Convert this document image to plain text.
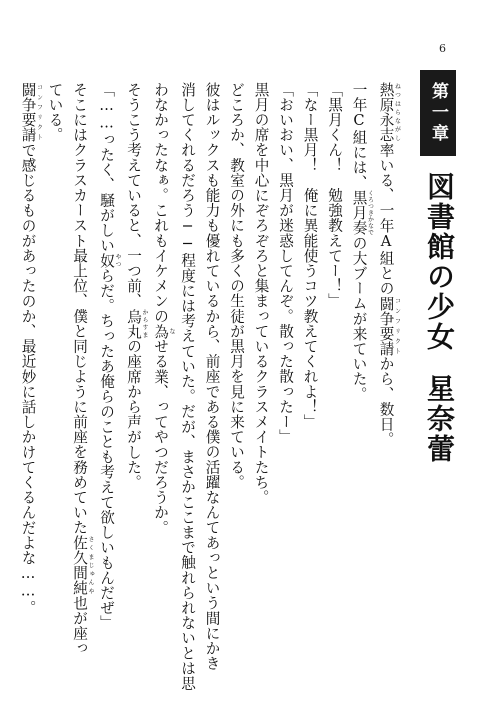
6
第一章
図書館の少女星奈蕾
熱原永志 ねつはらながし率いる、一年A組との闘争要請 コンフリクトから、数日。
一年C組には、黒月奏 くろつきかなでの大ブームが来ていた。
「黒月くん！　勉強教えてー！」
「なー黒月！　俺に異能使うコツ教えてくれよ！」
「おいおい、黒月が迷惑してんぞ。散った散ったー」
黒月の席を中心にぞろぞろと集まっているクラスメイトたち。
どころか、教室の外にも多くの生徒が黒月を見に来ている。
彼はルックスも能力も優れているから、前座である僕の活躍なんてあっという間にかき
消してくれるだろう──程度には考えていた。だが、まさかここまで触れられないとは思
わなかったなぁ。これもイケメンの為 なせる業、ってやつだろうか。
そうこう考えていると、一つ前、烏丸 からすまの座席から声がした。
「……ったく、騒がしい奴 やつらだ。ちったあ俺らのことも考えて欲しいもんだぜ」
そこにはクラスカースト最上位、僕と同じように前座を務めていた佐久間純 さくまじゅんや也が座っ
ている。
闘争要請 コンフリクトで感じるものがあったのか、最近妙に話しかけてくるんだよな……。
